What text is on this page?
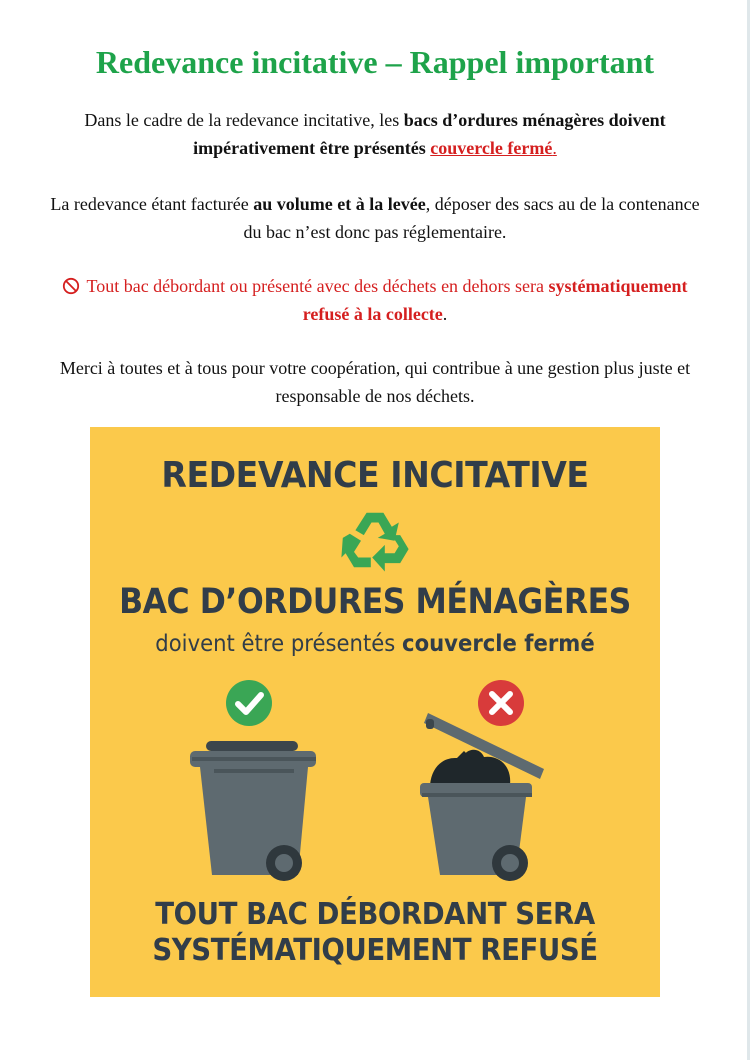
Redevance incitative – Rappel important

Dans le cadre de la redevance incitative, les bacs d’ordures ménagères doivent impérativement être présentés couvercle fermé.

La redevance étant facturée au volume et à la levée, déposer des sacs au de la contenance du bac n’est donc pas réglementaire.

Tout bac débordant ou présenté avec des déchets en dehors sera systématiquement refusé à la collecte.

Merci à toutes et à tous pour votre coopération, qui contribue à une gestion plus juste et responsable de nos déchets.

REDEVANCE INCITATIVE
BAC D’ORDURES MÉNAGÈRES
doivent être présentés couvercle fermé
TOUT BAC DÉBORDANT SERA
SYSTÉMATIQUEMENT REFUSÉ
